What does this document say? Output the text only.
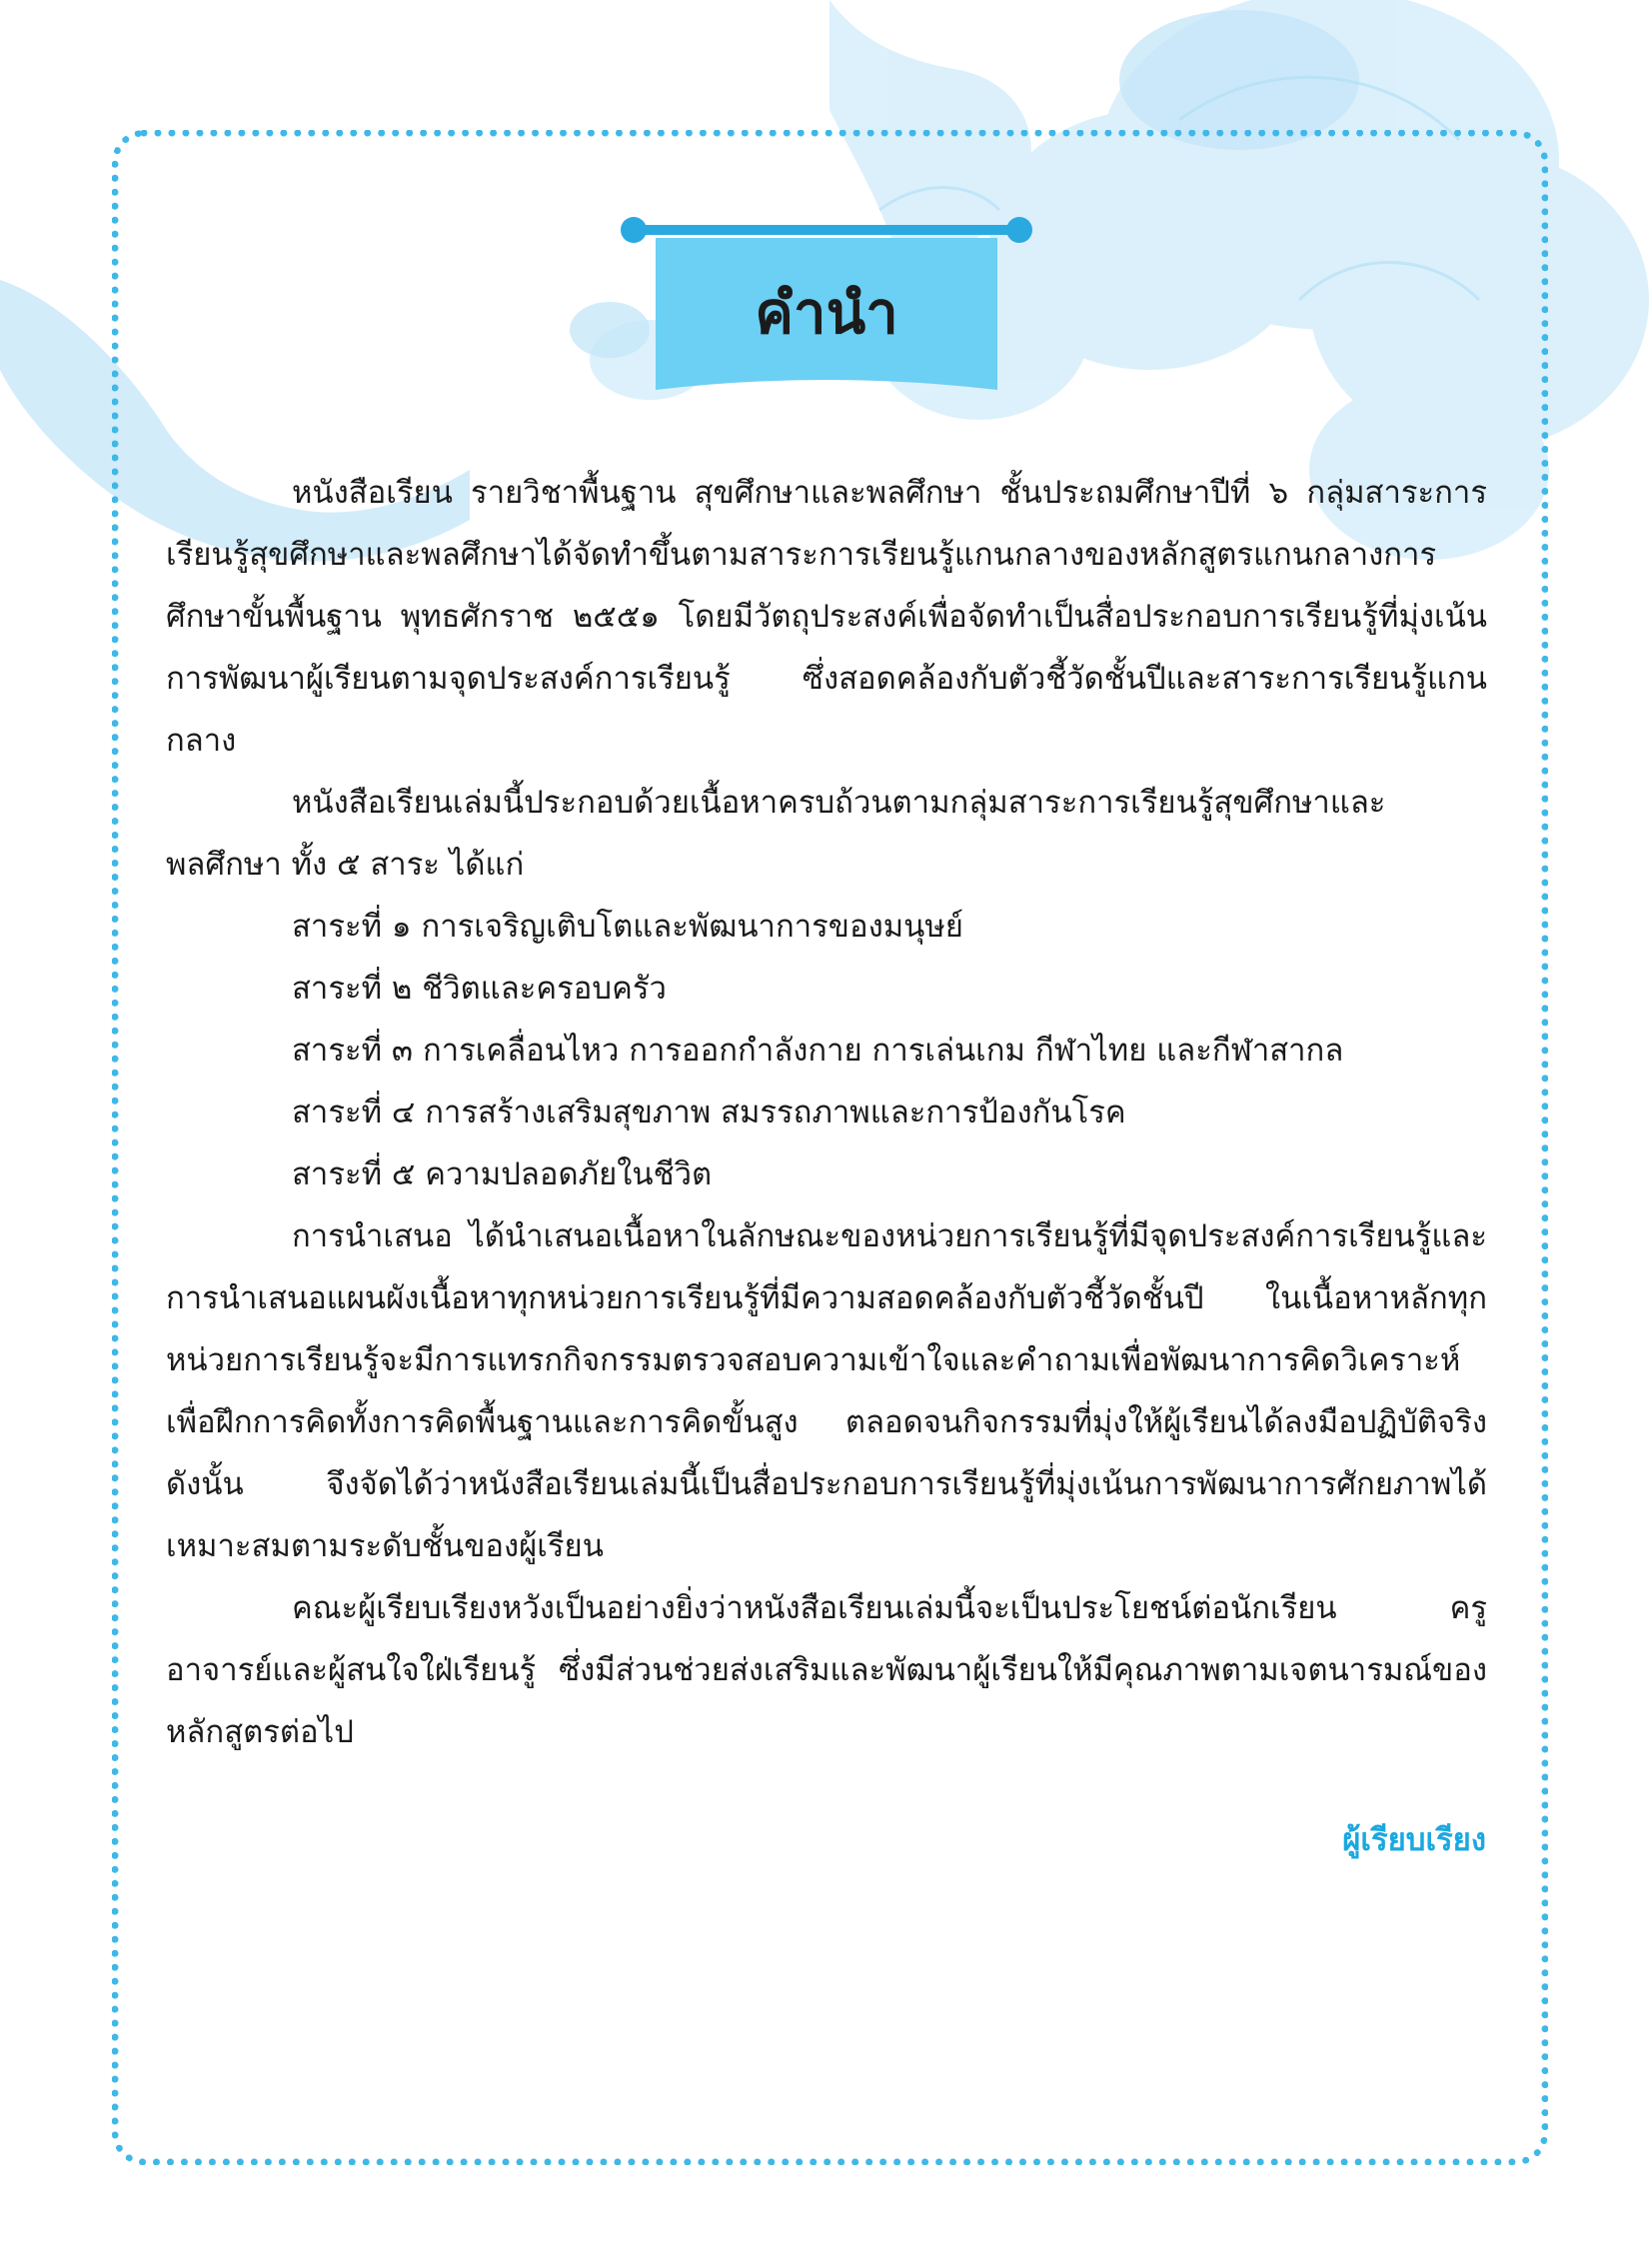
คำนำ

หนังสือเรียน รายวิชาพื้นฐาน สุขศึกษาและพลศึกษา ชั้นประถมศึกษาปีที่ ๖ กลุ่มสาระการเรียนรู้สุขศึกษาและพลศึกษาได้จัดทำขึ้นตามสาระการเรียนรู้แกนกลางของหลักสูตรแกนกลางการศึกษาขั้นพื้นฐาน พุทธศักราช ๒๕๕๑ โดยมีวัตถุประสงค์เพื่อจัดทำเป็นสื่อประกอบการเรียนรู้ที่มุ่งเน้นการพัฒนาผู้เรียนตามจุดประสงค์การเรียนรู้ ซึ่งสอดคล้องกับตัวชี้วัดชั้นปีและสาระการเรียนรู้แกนกลาง

หนังสือเรียนเล่มนี้ประกอบด้วยเนื้อหาครบถ้วนตามกลุ่มสาระการเรียนรู้สุขศึกษาและพลศึกษา ทั้ง ๕ สาระ ได้แก่

สาระที่ ๑ การเจริญเติบโตและพัฒนาการของมนุษย์

สาระที่ ๒ ชีวิตและครอบครัว

สาระที่ ๓ การเคลื่อนไหว การออกกำลังกาย การเล่นเกม กีฬาไทย และกีฬาสากล

สาระที่ ๔ การสร้างเสริมสุขภาพ สมรรถภาพและการป้องกันโรค

สาระที่ ๕ ความปลอดภัยในชีวิต

การนำเสนอ ได้นำเสนอเนื้อหาในลักษณะของหน่วยการเรียนรู้ที่มีจุดประสงค์การเรียนรู้และการนำเสนอแผนผังเนื้อหาทุกหน่วยการเรียนรู้ที่มีความสอดคล้องกับตัวชี้วัดชั้นปี ในเนื้อหาหลักทุกหน่วยการเรียนรู้จะมีการแทรกกิจกรรมตรวจสอบความเข้าใจและคำถามเพื่อพัฒนาการคิดวิเคราะห์เพื่อฝึกการคิดทั้งการคิดพื้นฐานและการคิดขั้นสูง ตลอดจนกิจกรรมที่มุ่งให้ผู้เรียนได้ลงมือปฏิบัติจริง ดังนั้น จึงจัดได้ว่าหนังสือเรียนเล่มนี้เป็นสื่อประกอบการเรียนรู้ที่มุ่งเน้นการพัฒนาการศักยภาพได้เหมาะสมตามระดับชั้นของผู้เรียน

คณะผู้เรียบเรียงหวังเป็นอย่างยิ่งว่าหนังสือเรียนเล่มนี้จะเป็นประโยชน์ต่อนักเรียน ครู อาจารย์และผู้สนใจใฝ่เรียนรู้ ซึ่งมีส่วนช่วยส่งเสริมและพัฒนาผู้เรียนให้มีคุณภาพตามเจตนารมณ์ของหลักสูตรต่อไป

ผู้เรียบเรียง
